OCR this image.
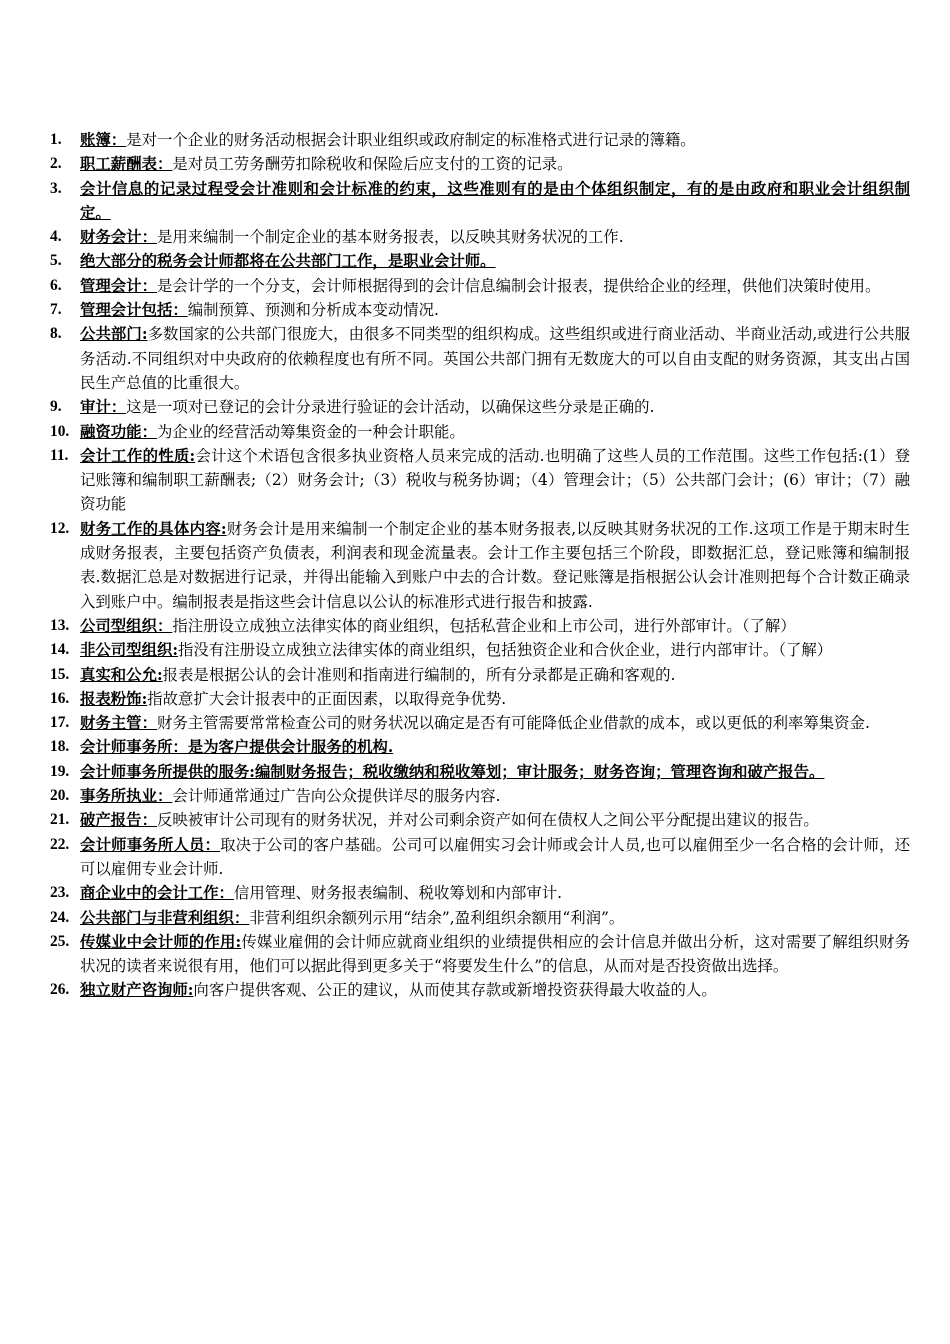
1. 账簿：是对一个企业的财务活动根据会计职业组织或政府制定的标准格式进行记录的簿籍。
2. 职工薪酬表：是对员工劳务酬劳扣除税收和保险后应支付的工资的记录。
3. 会计信息的记录过程受会计准则和会计标准的约束，这些准则有的是由个体组织制定，有的是由政府和职业会计组织制定。
4. 财务会计：是用来编制一个制定企业的基本财务报表，以反映其财务状况的工作.
5. 绝大部分的税务会计师都将在公共部门工作，是职业会计师。
6. 管理会计：是会计学的一个分支，会计师根据得到的会计信息编制会计报表，提供给企业的经理，供他们决策时使用。
7. 管理会计包括：编制预算、预测和分析成本变动情况.
8. 公共部门:多数国家的公共部门很庞大，由很多不同类型的组织构成。这些组织或进行商业活动、半商业活动,或进行公共服务活动.不同组织对中央政府的依赖程度也有所不同。英国公共部门拥有无数庞大的可以自由支配的财务资源，其支出占国民生产总值的比重很大。
9. 审计：这是一项对已登记的会计分录进行验证的会计活动，以确保这些分录是正确的.
10. 融资功能：为企业的经营活动筹集资金的一种会计职能。
11. 会计工作的性质:会计这个术语包含很多执业资格人员来完成的活动.也明确了这些人员的工作范围。这些工作包括:(1）登记账簿和编制职工薪酬表;（2）财务会计;（3）税收与税务协调；（4）管理会计；（5）公共部门会计；(6）审计；（7）融资功能
12. 财务工作的具体内容:财务会计是用来编制一个制定企业的基本财务报表,以反映其财务状况的工作.这项工作是于期末时生成财务报表，主要包括资产负债表，利润表和现金流量表。会计工作主要包括三个阶段，即数据汇总，登记账簿和编制报表.数据汇总是对数据进行记录，并得出能输入到账户中去的合计数。登记账簿是指根据公认会计准则把每个合计数正确录入到账户中。编制报表是指这些会计信息以公认的标准形式进行报告和披露.
13. 公司型组织：指注册设立成独立法律实体的商业组织，包括私营企业和上市公司，进行外部审计。（了解）
14. 非公司型组织:指没有注册设立成独立法律实体的商业组织，包括独资企业和合伙企业，进行内部审计。（了解）
15. 真实和公允:报表是根据公认的会计准则和指南进行编制的，所有分录都是正确和客观的.
16. 报表粉饰:指故意扩大会计报表中的正面因素，以取得竞争优势.
17. 财务主管：财务主管需要常常检查公司的财务状况以确定是否有可能降低企业借款的成本，或以更低的利率筹集资金.
18. 会计师事务所：是为客户提供会计服务的机构.
19. 会计师事务所提供的服务:编制财务报告；税收缴纳和税收筹划；审计服务；财务咨询；管理咨询和破产报告。
20. 事务所执业：会计师通常通过广告向公众提供详尽的服务内容.
21. 破产报告：反映被审计公司现有的财务状况，并对公司剩余资产如何在债权人之间公平分配提出建议的报告。
22. 会计师事务所人员：取决于公司的客户基础。公司可以雇佣实习会计师或会计人员,也可以雇佣至少一名合格的会计师，还可以雇佣专业会计师.
23. 商企业中的会计工作：信用管理、财务报表编制、税收筹划和内部审计.
24. 公共部门与非营利组织：非营利组织余额列示用“结余”,盈利组织余额用“利润”。
25. 传媒业中会计师的作用:传媒业雇佣的会计师应就商业组织的业绩提供相应的会计信息并做出分析，这对需要了解组织财务状况的读者来说很有用，他们可以据此得到更多关于“将要发生什么”的信息，从而对是否投资做出选择。
26. 独立财产咨询师:向客户提供客观、公正的建议，从而使其存款或新增投资获得最大收益的人。
